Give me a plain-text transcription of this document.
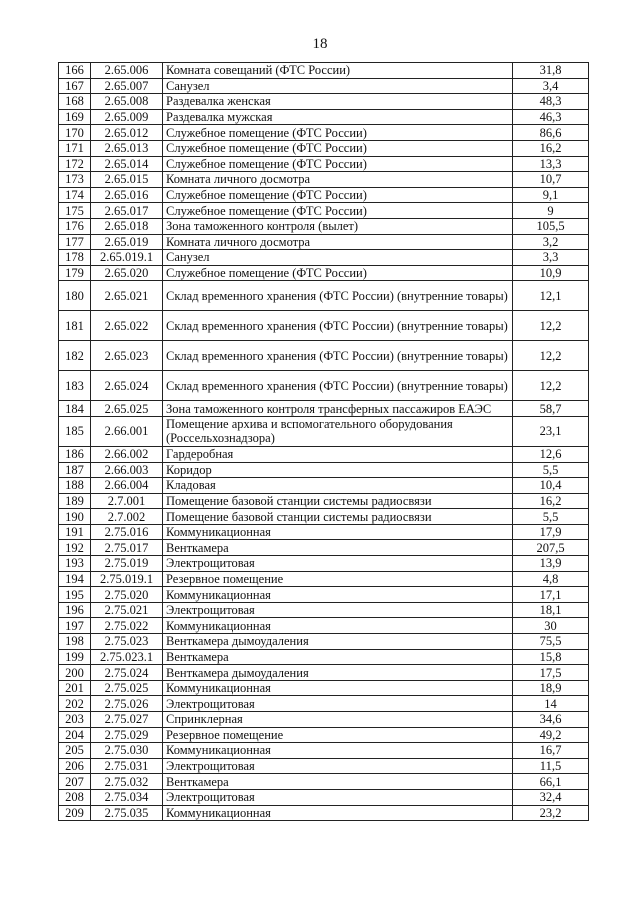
18
166	2.65.006	Комната совещаний (ФТС России)	31,8
167	2.65.007	Санузел	3,4
168	2.65.008	Раздевалка женская	48,3
169	2.65.009	Раздевалка мужская	46,3
170	2.65.012	Служебное помещение (ФТС России)	86,6
171	2.65.013	Служебное помещение (ФТС России)	16,2
172	2.65.014	Служебное помещение (ФТС России)	13,3
173	2.65.015	Комната личного досмотра	10,7
174	2.65.016	Служебное помещение (ФТС России)	9,1
175	2.65.017	Служебное помещение (ФТС России)	9
176	2.65.018	Зона таможенного контроля (вылет)	105,5
177	2.65.019	Комната личного досмотра	3,2
178	2.65.019.1	Санузел	3,3
179	2.65.020	Служебное помещение (ФТС России)	10,9
180	2.65.021	Склад временного хранения (ФТС России) (внутренние товары)	12,1
181	2.65.022	Склад временного хранения (ФТС России) (внутренние товары)	12,2
182	2.65.023	Склад временного хранения (ФТС России) (внутренние товары)	12,2
183	2.65.024	Склад временного хранения (ФТС России) (внутренние товары)	12,2
184	2.65.025	Зона таможенного контроля трансферных пассажиров ЕАЭС	58,7
185	2.66.001	Помещение архива и вспомогательного оборудования (Россельхознадзора)	23,1
186	2.66.002	Гардеробная	12,6
187	2.66.003	Коридор	5,5
188	2.66.004	Кладовая	10,4
189	2.7.001	Помещение базовой станции системы радиосвязи	16,2
190	2.7.002	Помещение базовой станции системы радиосвязи	5,5
191	2.75.016	Коммуникационная	17,9
192	2.75.017	Венткамера	207,5
193	2.75.019	Электрощитовая	13,9
194	2.75.019.1	Резервное помещение	4,8
195	2.75.020	Коммуникационная	17,1
196	2.75.021	Электрощитовая	18,1
197	2.75.022	Коммуникационная	30
198	2.75.023	Венткамера дымоудаления	75,5
199	2.75.023.1	Венткамера	15,8
200	2.75.024	Венткамера дымоудаления	17,5
201	2.75.025	Коммуникационная	18,9
202	2.75.026	Электрощитовая	14
203	2.75.027	Спринклерная	34,6
204	2.75.029	Резервное помещение	49,2
205	2.75.030	Коммуникационная	16,7
206	2.75.031	Электрощитовая	11,5
207	2.75.032	Венткамера	66,1
208	2.75.034	Электрощитовая	32,4
209	2.75.035	Коммуникационная	23,2
